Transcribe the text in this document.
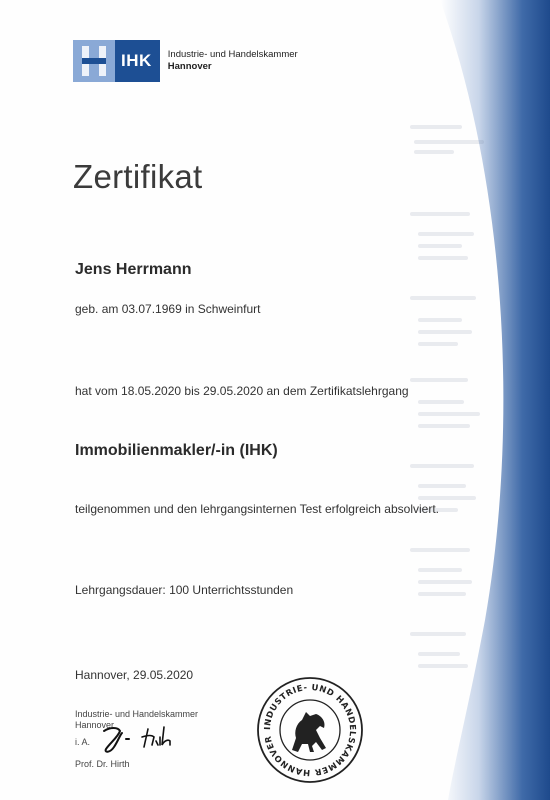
IHK	Industrie- und Handelskammer
Hannover
Zertifikat
Jens Herrmann
geb. am 03.07.1969 in Schweinfurt
hat vom 18.05.2020 bis 29.05.2020 an dem Zertifikatslehrgang
Immobilienmakler/-in (IHK)
teilgenommen und den lehrgangsinternen Test erfolgreich absolviert.
Lehrgangsdauer: 100 Unterrichtsstunden
Hannover, 29.05.2020
Industrie- und Handelskammer
Hannover
i. A.
Prof. Dr. Hirth
INDUSTRIE- UND HANDELSKAMMER HANNOVER
